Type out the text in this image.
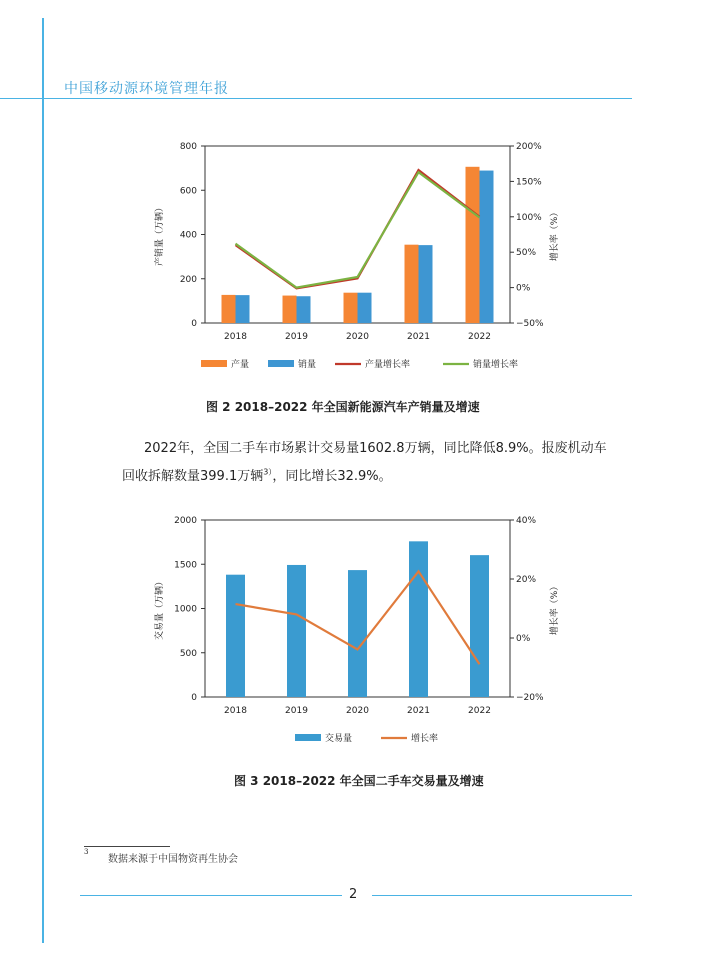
中国移动源环境管理年报
0
200
400
600
800
−50%
0%
50%
100%
150%
200%
产销量（万辆）	增长率（%）
2018	2019	2020	2021	2022
产量	销量	产量增长率	销量增长率
图 2 2018–2022 年全国新能源汽车产销量及增速
2022年，全国二手车市场累计交易量1602.8万辆，同比降低8.9%。报废机动车
回收拆解数量399.1万辆$^{3)}$，同比增长32.9%。
0
500
1000
1500
2000
−20%
0%
20%
40%
交易量（万辆）	增长率（%）
2018	2019	2020	2021	2022
交易量	增长率
图 3 2018–2022 年全国二手车交易量及增速
3
数据来源于中国物资再生协会
2
